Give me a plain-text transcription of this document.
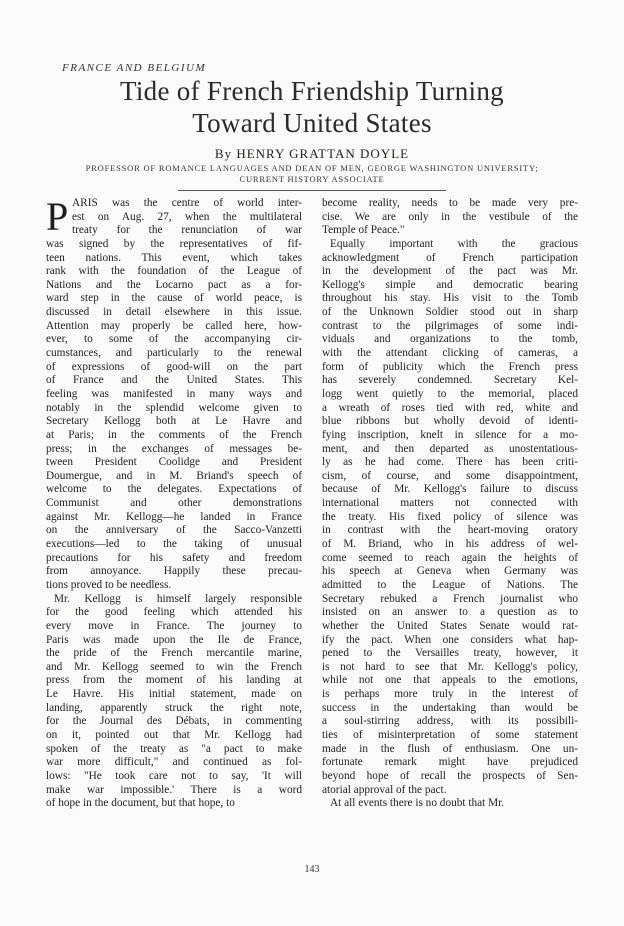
FRANCE AND BELGIUM
Tide of French Friendship Turning
Toward United States
By HENRY GRATTAN DOYLE
PROFESSOR OF ROMANCE LANGUAGES AND DEAN OF MEN, GEORGE WASHINGTON UNIVERSITY;
CURRENT HISTORY ASSOCIATE
P ARIS was the centre of world inter-
est on Aug. 27, when the multilateral
treaty for the renunciation of war
was signed by the representatives of fif-
teen nations. This event, which takes
rank with the foundation of the League of
Nations and the Locarno pact as a for-
ward step in the cause of world peace, is
discussed in detail elsewhere in this issue.
Attention may properly be called here, how-
ever, to some of the accompanying cir-
cumstances, and particularly to the renewal
of expressions of good-will on the part
of France and the United States. This
feeling was manifested in many ways and
notably in the splendid welcome given to
Secretary Kellogg both at Le Havre and
at Paris; in the comments of the French
press; in the exchanges of messages be-
tween President Coolidge and President
Doumergue, and in M. Briand's speech of
welcome to the delegates. Expectations of
Communist and other demonstrations
against Mr. Kellogg—he landed in France
on the anniversary of the Sacco-Vanzetti
executions—led to the taking of unusual
precautions for his safety and freedom
from annoyance. Happily these precau-
tions proved to be needless.
Mr. Kellogg is himself largely responsible
for the good feeling which attended his
every move in France. The journey to
Paris was made upon the Ile de France,
the pride of the French mercantile marine,
and Mr. Kellogg seemed to win the French
press from the moment of his landing at
Le Havre. His initial statement, made on
landing, apparently struck the right note,
for the Journal des Débats, in commenting
on it, pointed out that Mr. Kellogg had
spoken of the treaty as "a pact to make
war more difficult," and continued as fol-
lows: "He took care not to say, 'It will
make war impossible.' There is a word
of hope in the document, but that hope, to
become reality, needs to be made very pre-
cise. We are only in the vestibule of the
Temple of Peace."
Equally important with the gracious
acknowledgment of French participation
in the development of the pact was Mr.
Kellogg's simple and democratic bearing
throughout his stay. His visit to the Tomb
of the Unknown Soldier stood out in sharp
contrast to the pilgrimages of some indi-
viduals and organizations to the tomb,
with the attendant clicking of cameras, a
form of publicity which the French press
has severely condemned. Secretary Kel-
logg went quietly to the memorial, placed
a wreath of roses tied with red, white and
blue ribbons but wholly devoid of identi-
fying inscription, knelt in silence for a mo-
ment, and then departed as unostentatious-
ly as he had come. There has been criti-
cism, of course, and some disappointment,
because of Mr. Kellogg's failure to discuss
international matters not connected with
the treaty. His fixed policy of silence was
in contrast with the heart-moving oratory
of M. Briand, who in his address of wel-
come seemed to reach again the heights of
his speech at Geneva when Germany was
admitted to the League of Nations. The
Secretary rebuked a French journalist who
insisted on an answer to a question as to
whether the United States Senate would rat-
ify the pact. When one considers what hap-
pened to the Versailles treaty, however, it
is not hard to see that Mr. Kellogg's policy,
while not one that appeals to the emotions,
is perhaps more truly in the interest of
success in the undertaking than would be
a soul-stirring address, with its possibili-
ties of misinterpretation of some statement
made in the flush of enthusiasm. One un-
fortunate remark might have prejudiced
beyond hope of recall the prospects of Sen-
atorial approval of the pact.
At all events there is no doubt that Mr.
143
